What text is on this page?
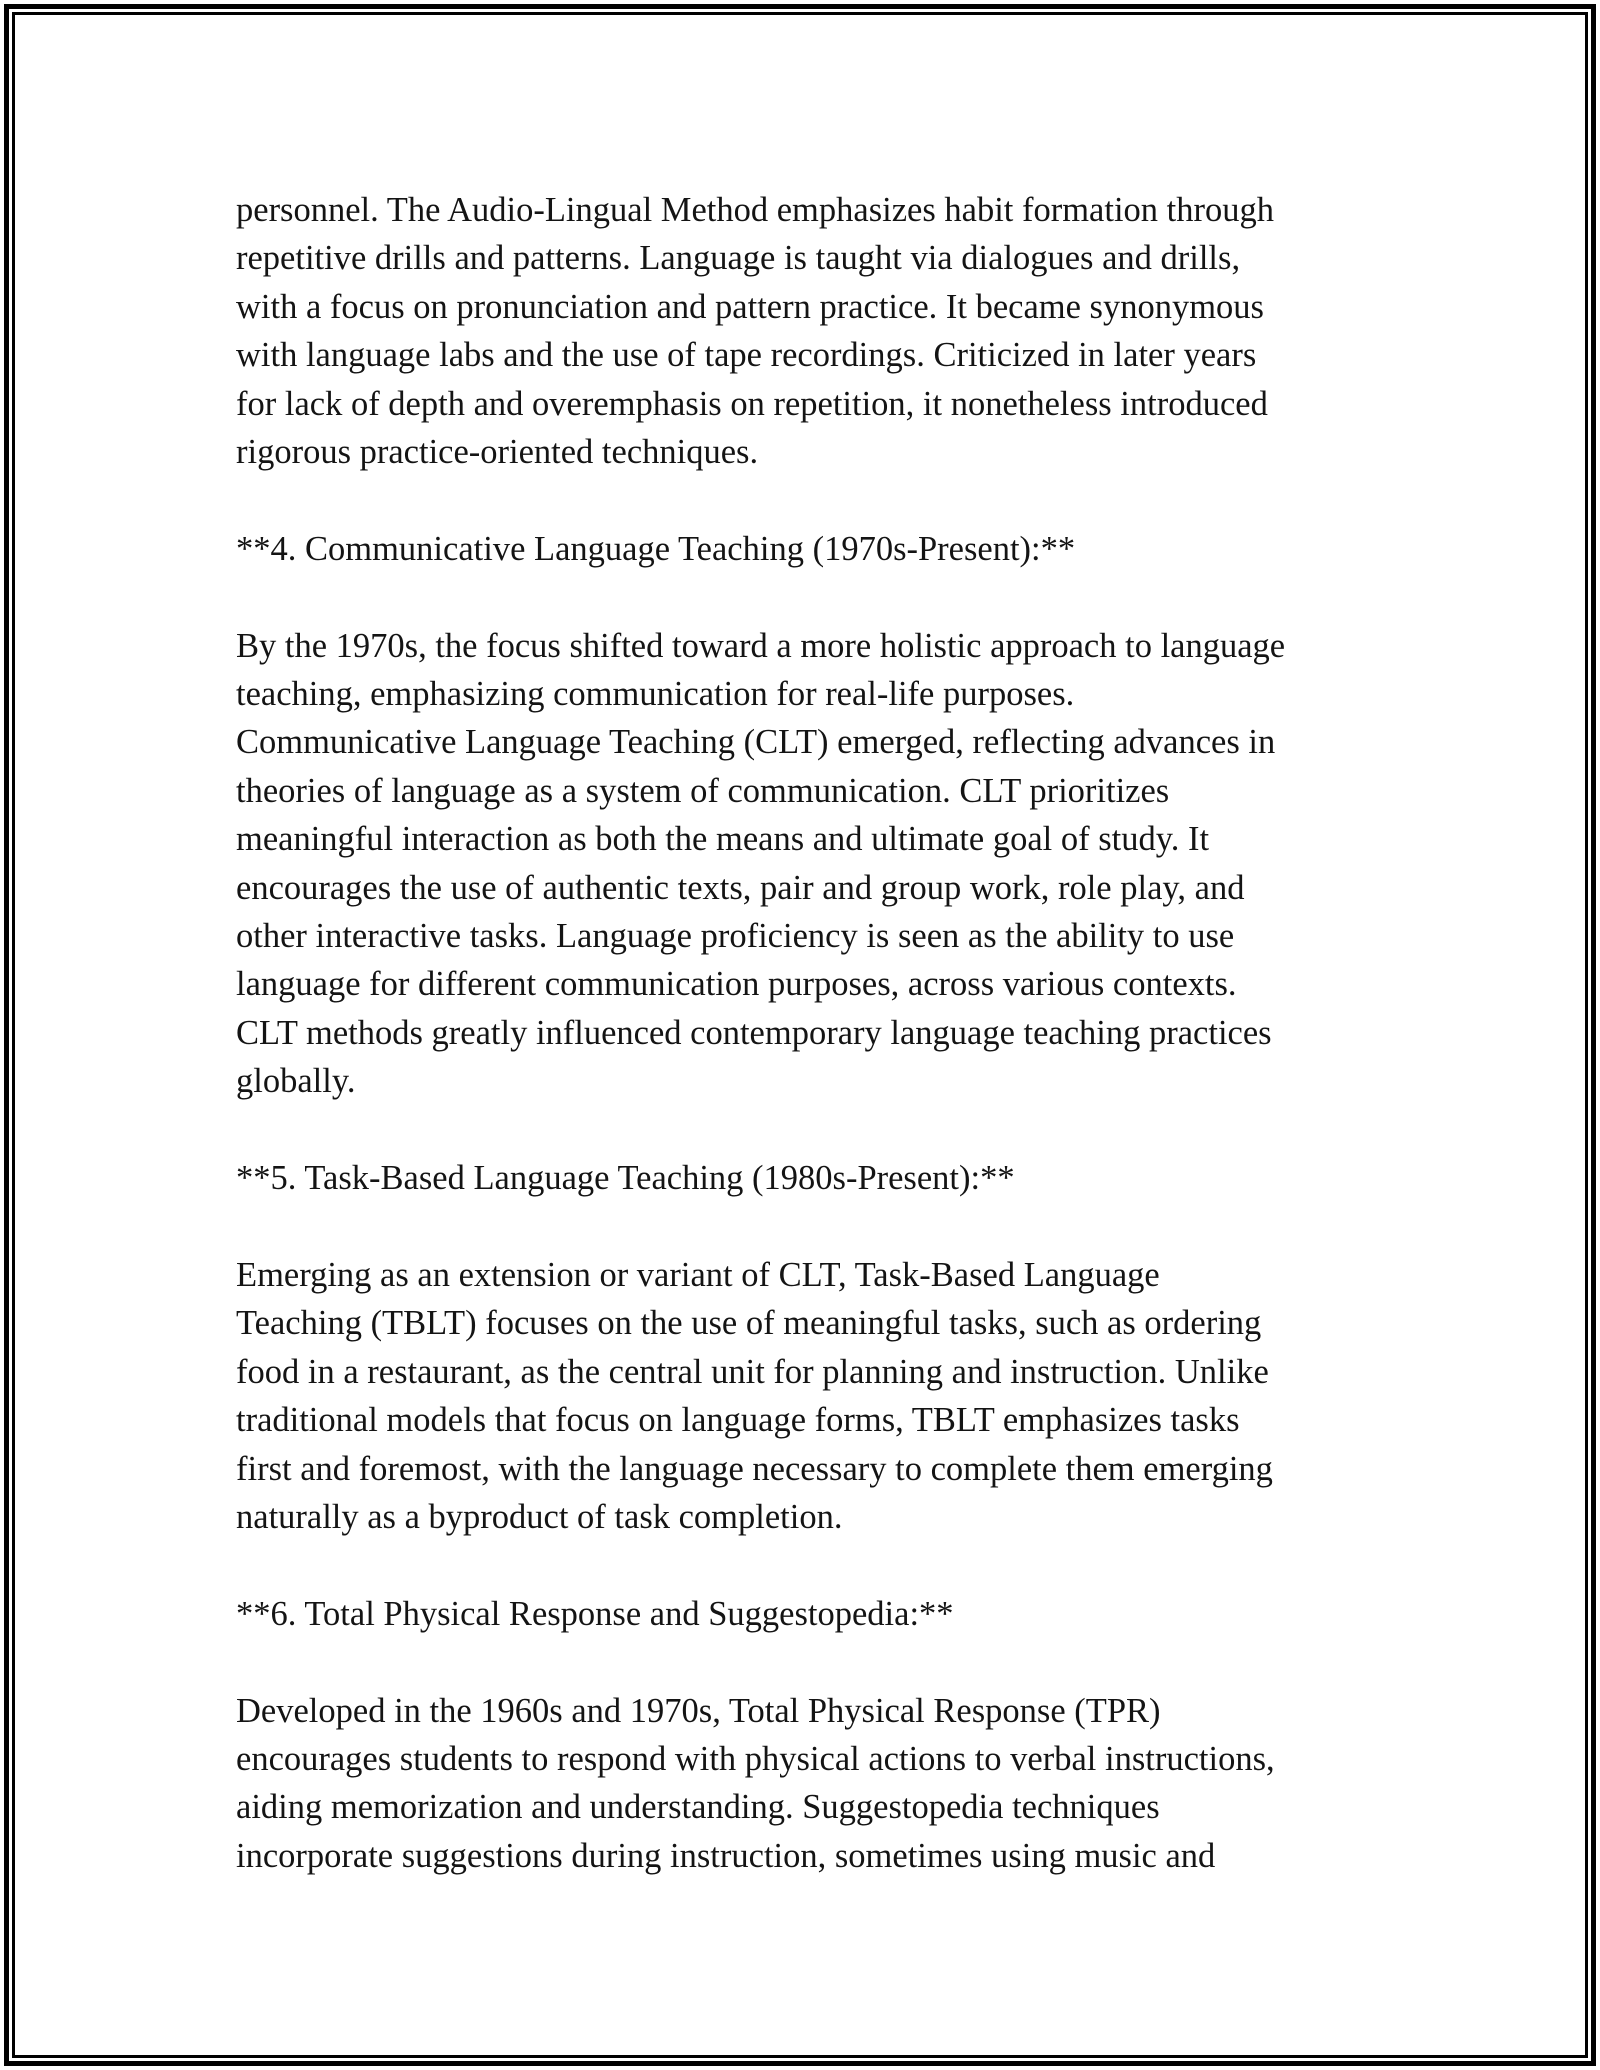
personnel. The Audio-Lingual Method emphasizes habit formation through
repetitive drills and patterns. Language is taught via dialogues and drills,
with a focus on pronunciation and pattern practice. It became synonymous
with language labs and the use of tape recordings. Criticized in later years
for lack of depth and overemphasis on repetition, it nonetheless introduced
rigorous practice-oriented techniques.

**4. Communicative Language Teaching (1970s-Present):**

By the 1970s, the focus shifted toward a more holistic approach to language
teaching, emphasizing communication for real-life purposes.
Communicative Language Teaching (CLT) emerged, reflecting advances in
theories of language as a system of communication. CLT prioritizes
meaningful interaction as both the means and ultimate goal of study. It
encourages the use of authentic texts, pair and group work, role play, and
other interactive tasks. Language proficiency is seen as the ability to use
language for different communication purposes, across various contexts.
CLT methods greatly influenced contemporary language teaching practices
globally.

**5. Task-Based Language Teaching (1980s-Present):**

Emerging as an extension or variant of CLT, Task-Based Language
Teaching (TBLT) focuses on the use of meaningful tasks, such as ordering
food in a restaurant, as the central unit for planning and instruction. Unlike
traditional models that focus on language forms, TBLT emphasizes tasks
first and foremost, with the language necessary to complete them emerging
naturally as a byproduct of task completion.

**6. Total Physical Response and Suggestopedia:**

Developed in the 1960s and 1970s, Total Physical Response (TPR)
encourages students to respond with physical actions to verbal instructions,
aiding memorization and understanding. Suggestopedia techniques
incorporate suggestions during instruction, sometimes using music and
